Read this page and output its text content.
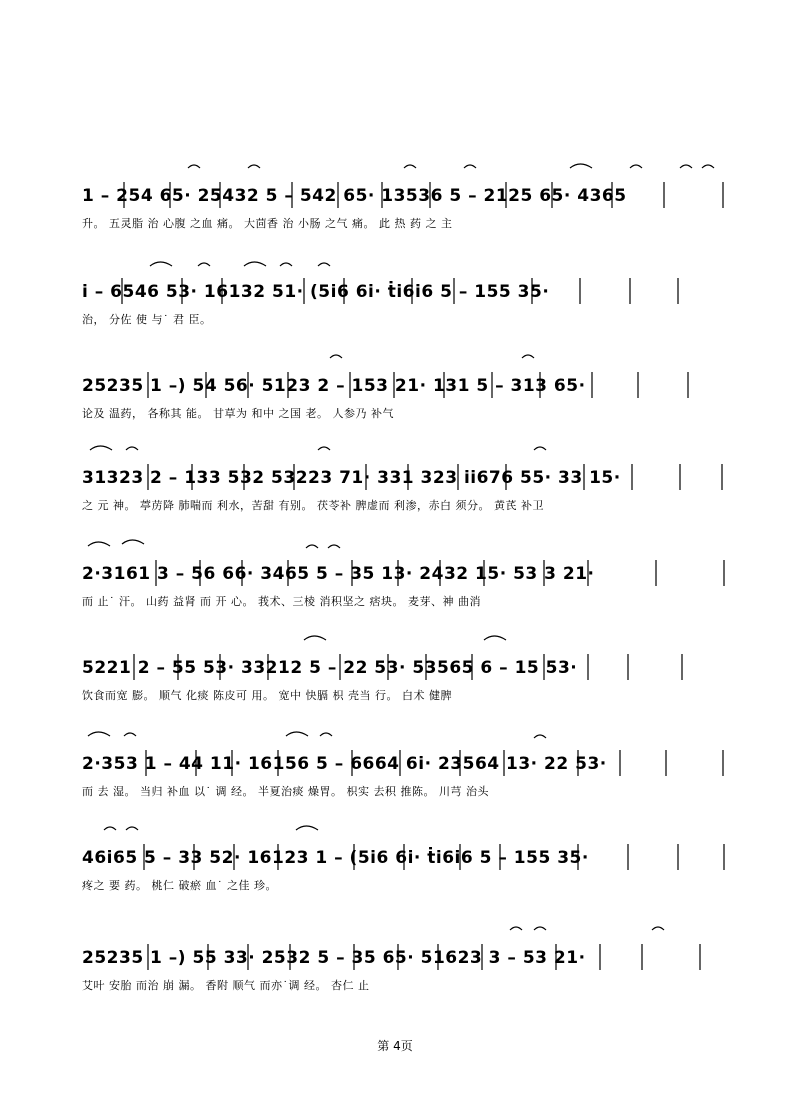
1 – 254 65· 25432 5 – 542 65· 13536 5 – 2125 65· 4365
升。 五灵脂 治 心腹 之血 痛。 大茴香 治 小肠 之气 痛。 此 热 药 之 主
i – 6546 53· 16132 51· (5i6 6i· ṫi6i6 5 – 155 35·
治， 分佐 使 与˙ 君 臣。
25235 1 –) 54 56· 5123 2 – 153 21· 131 5 – 313 65·
论及 温药， 各称其 能。 甘草为 和中 之国 老。 人参乃 补气
31323 2 – 133 532 53223 71· 331 323 ii676 55· 33 15·
之 元 神。 葶苈降 肺喘而 利水，苦甜 有别。 茯苓补 脾虚而 利渗，赤白 须分。 黄芪 补卫
2·3161 3 – 56 66· 3465 5 – 35 13· 2432 15· 53 3 21·
而 止˙ 汗。 山药 益肾 而 开 心。 莪术、三棱 消积坚之 痞块。 麦芽、神 曲消
5221 2 – 55 53· 33212 5 – 22 53· 53565 6 – 15 53·
饮食而宽 膨。 顺气 化痰 陈皮可 用。 宽中 快膈 枳 壳当 行。 白术 健脾
2·353 1 – 44 11· 16156 5 – 6664 6i· 23564 13· 22 53·
而 去 湿。 当归 补血 以˙ 调 经。 半夏治痰 燥胃。 枳实 去积 推陈。 川芎 治头
46i65 5 – 33 52· 16123 1 – (5i6 6i· ṫi6i6 5 – 155 35·
疼之 要 药。 桃仁 破瘀 血˙ 之佳 珍。
25235 1 –) 55 33· 2532 5 – 35 65· 51623 3 – 53 21·
艾叶 安胎 而治 崩 漏。 香附 顺气 而亦˙调 经。 杏仁 止
第 4页
